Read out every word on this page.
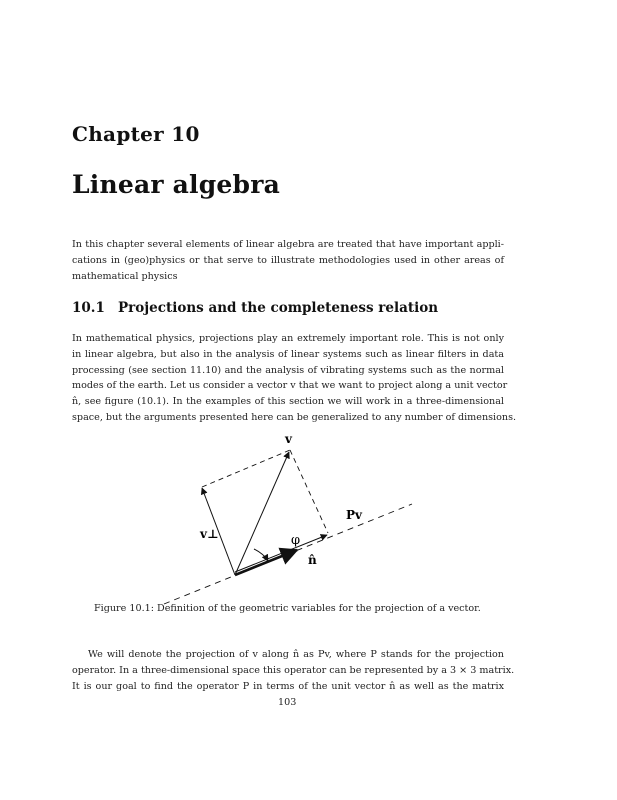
Chapter 10
Linear algebra
In this chapter several elements of linear algebra are treated that have important appli-
cations in (geo)physics or that serve to illustrate methodologies used in other areas of
mathematical physics
10.1 Projections and the completeness relation
In mathematical physics, projections play an extremely important role. This is not only
in linear algebra, but also in the analysis of linear systems such as linear filters in data
processing (see section 11.10) and the analysis of vibrating systems such as the normal
modes of the earth. Let us consider a vector v that we want to project along a unit vector
n̂, see figure (10.1). In the examples of this section we will work in a three-dimensional
space, but the arguments presented here can be generalized to any number of dimensions.
v
Pv
v⊥	φ
n̂
Figure 10.1: Definition of the geometric variables for the projection of a vector.
We will denote the projection of v along n̂ as Pv, where P stands for the projection
operator. In a three-dimensional space this operator can be represented by a 3 × 3 matrix.
It is our goal to find the operator P in terms of the unit vector n̂ as well as the matrix
103
